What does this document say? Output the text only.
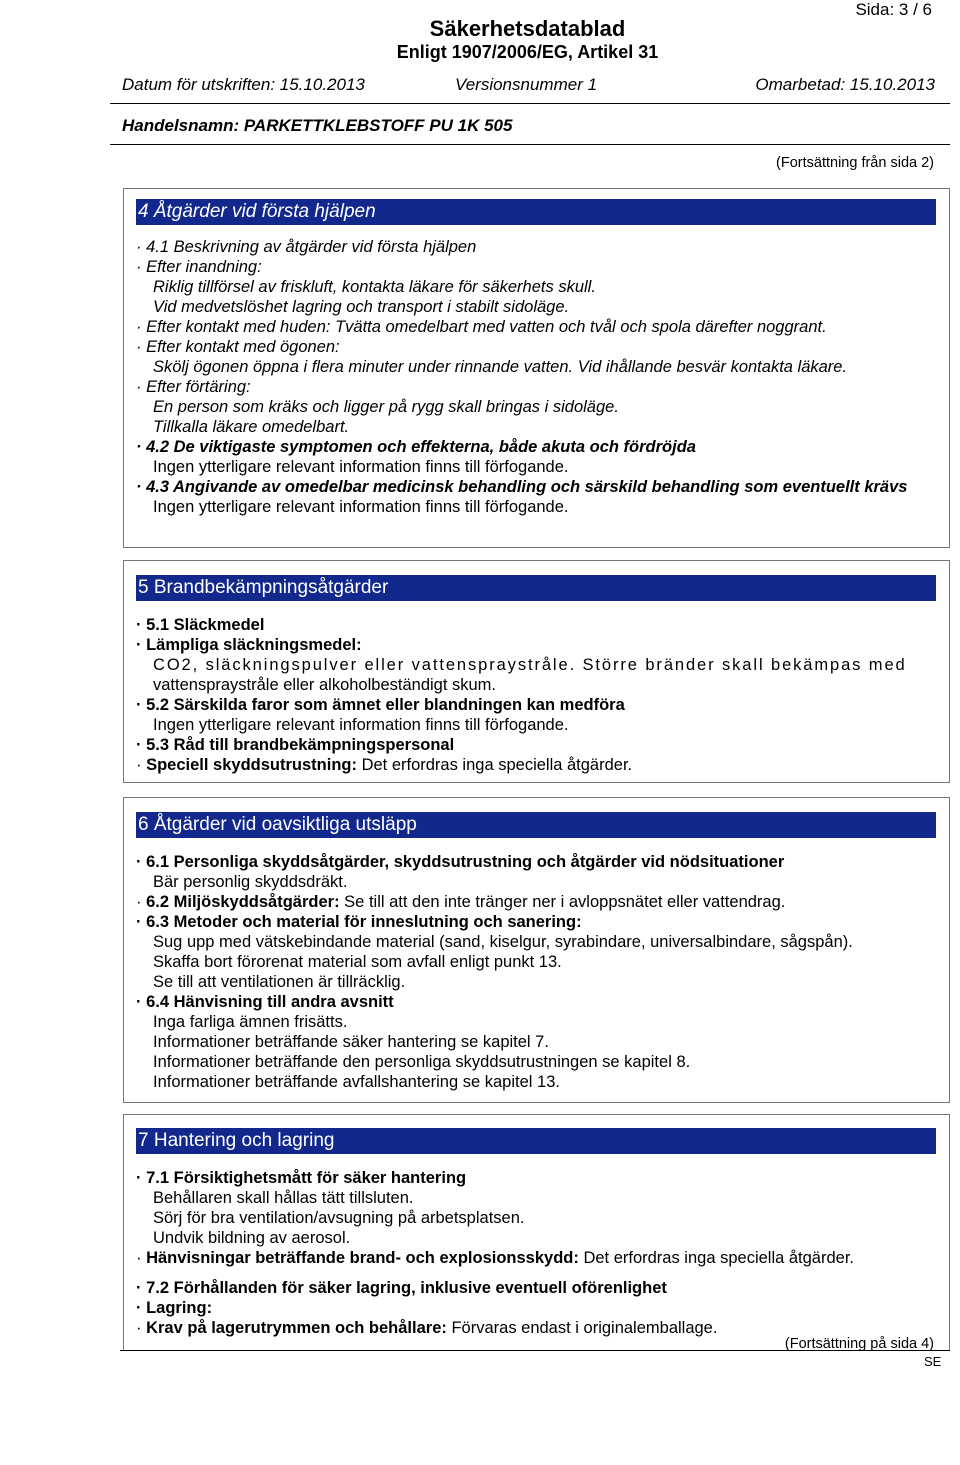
Sida: 3 / 6
Säkerhetsdatablad
Enligt 1907/2006/EG, Artikel 31
Datum för utskriften: 15.10.2013	Versionsnummer 1	Omarbetad: 15.10.2013
Handelsnamn: PARKETTKLEBSTOFF PU 1K 505
(Fortsättning från sida 2)
4 Åtgärder vid första hjälpen
· 4.1 Beskrivning av åtgärder vid första hjälpen
· Efter inandning:
Riklig tillförsel av friskluft, kontakta läkare för säkerhets skull.
Vid medvetslöshet lagring och transport i stabilt sidoläge.
· Efter kontakt med huden: Tvätta omedelbart med vatten och tvål och spola därefter noggrant.
· Efter kontakt med ögonen:
Skölj ögonen öppna i flera minuter under rinnande vatten. Vid ihållande besvär kontakta läkare.
· Efter förtäring:
En person som kräks och ligger på rygg skall bringas i sidoläge.
Tillkalla läkare omedelbart.
· 4.2 De viktigaste symptomen och effekterna, både akuta och fördröjda
Ingen ytterligare relevant information finns till förfogande.
· 4.3 Angivande av omedelbar medicinsk behandling och särskild behandling som eventuellt krävs
Ingen ytterligare relevant information finns till förfogande.
5 Brandbekämpningsåtgärder
· 5.1 Släckmedel
· Lämpliga släckningsmedel:
CO2, släckningspulver eller vattenspraystråle. Större bränder skall bekämpas med
vattenspraystråle eller alkoholbeständigt skum.
· 5.2 Särskilda faror som ämnet eller blandningen kan medföra
Ingen ytterligare relevant information finns till förfogande.
· 5.3 Råd till brandbekämpningspersonal
· Speciell skyddsutrustning: Det erfordras inga speciella åtgärder.
6 Åtgärder vid oavsiktliga utsläpp
· 6.1 Personliga skyddsåtgärder, skyddsutrustning och åtgärder vid nödsituationer
Bär personlig skyddsdräkt.
· 6.2 Miljöskyddsåtgärder: Se till att den inte tränger ner i avloppsnätet eller vattendrag.
· 6.3 Metoder och material för inneslutning och sanering:
Sug upp med vätskebindande material (sand, kiselgur, syrabindare, universalbindare, sågspån).
Skaffa bort förorenat material som avfall enligt punkt 13.
Se till att ventilationen är tillräcklig.
· 6.4 Hänvisning till andra avsnitt
Inga farliga ämnen frisätts.
Informationer beträffande säker hantering se kapitel 7.
Informationer beträffande den personliga skyddsutrustningen se kapitel 8.
Informationer beträffande avfallshantering se kapitel 13.
7 Hantering och lagring
· 7.1 Försiktighetsmått för säker hantering
Behållaren skall hållas tätt tillsluten.
Sörj för bra ventilation/avsugning på arbetsplatsen.
Undvik bildning av aerosol.
· Hänvisningar beträffande brand- och explosionsskydd: Det erfordras inga speciella åtgärder.
· 7.2 Förhållanden för säker lagring, inklusive eventuell oförenlighet
· Lagring:
· Krav på lagerutrymmen och behållare: Förvaras endast i originalemballage.
(Fortsättning på sida 4)
SE
